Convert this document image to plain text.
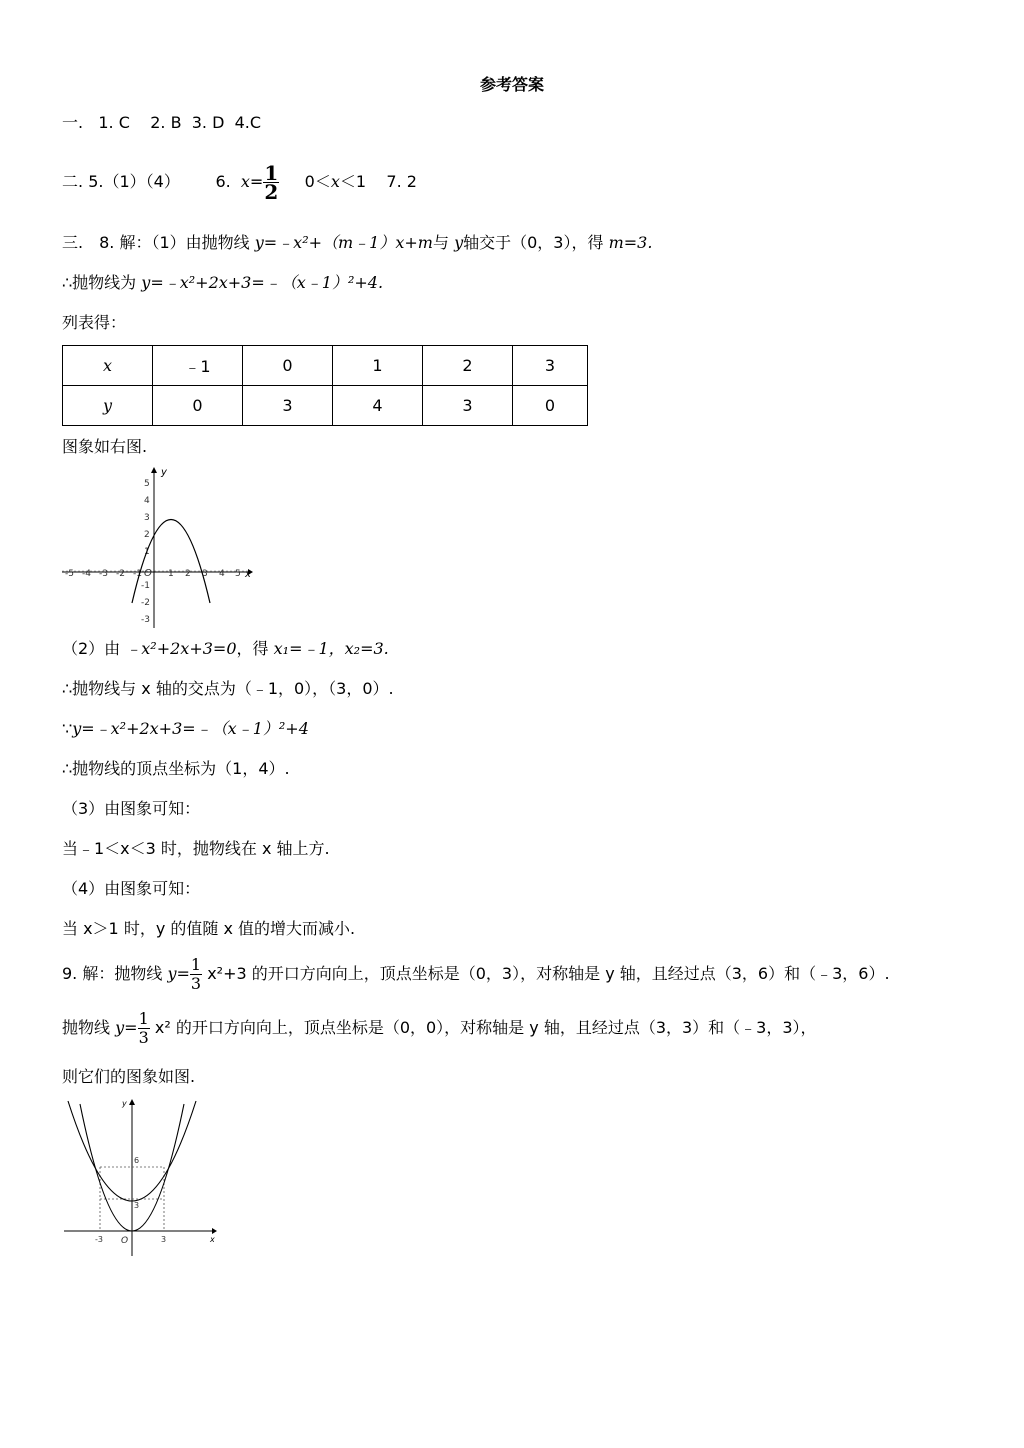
参考答案
一. 1. C 2. B 3. D 4.C
二. 5.（1）（4） 6. $x= \frac{1}{2} 0<x<1$ 7. 2
三.　8. 解：（1）由抛物线 y=﹣x²+（m﹣1）x+m与 y轴交于（0，3），得 m=3.
∴抛物线为 y=﹣x²+2x+3=﹣（x﹣1）²+4.
列表得：
x	﹣1	0	1	2	3
y	0	3	4	3	0
图象如右图.
y
x
-5 -4 -3 -2 -1 O 1 2 3 4 5
5
4
3
2
1
-1
-2
-3
（2）由 ﹣x²+2x+3=0，得 x₁=﹣1，x₂=3.
∴抛物线与 x 轴的交点为（﹣1，0），（3，0）.
∵y=﹣x²+2x+3=﹣（x﹣1）²+4
∴抛物线的顶点坐标为（1，4）.
（3）由图象可知：
当﹣1＜x＜3 时，抛物线在 x 轴上方.
（4）由图象可知：
当 x＞1 时，y 的值随 x 值的增大而减小.
9. 解：抛物线 $y= \frac{1}{3} x^2+3$ 的开口方向向上，顶点坐标是（0，3），对称轴是 y 轴，且经过点（3，6）和（﹣3，6）.
抛物线 $y= \frac{1}{3} x^2$ 的开口方向向上，顶点坐标是（0，0），对称轴是 y 轴，且经过点（3，3）和（﹣3，3），
则它们的图象如图.
y
x
-3 O	3
6
3
